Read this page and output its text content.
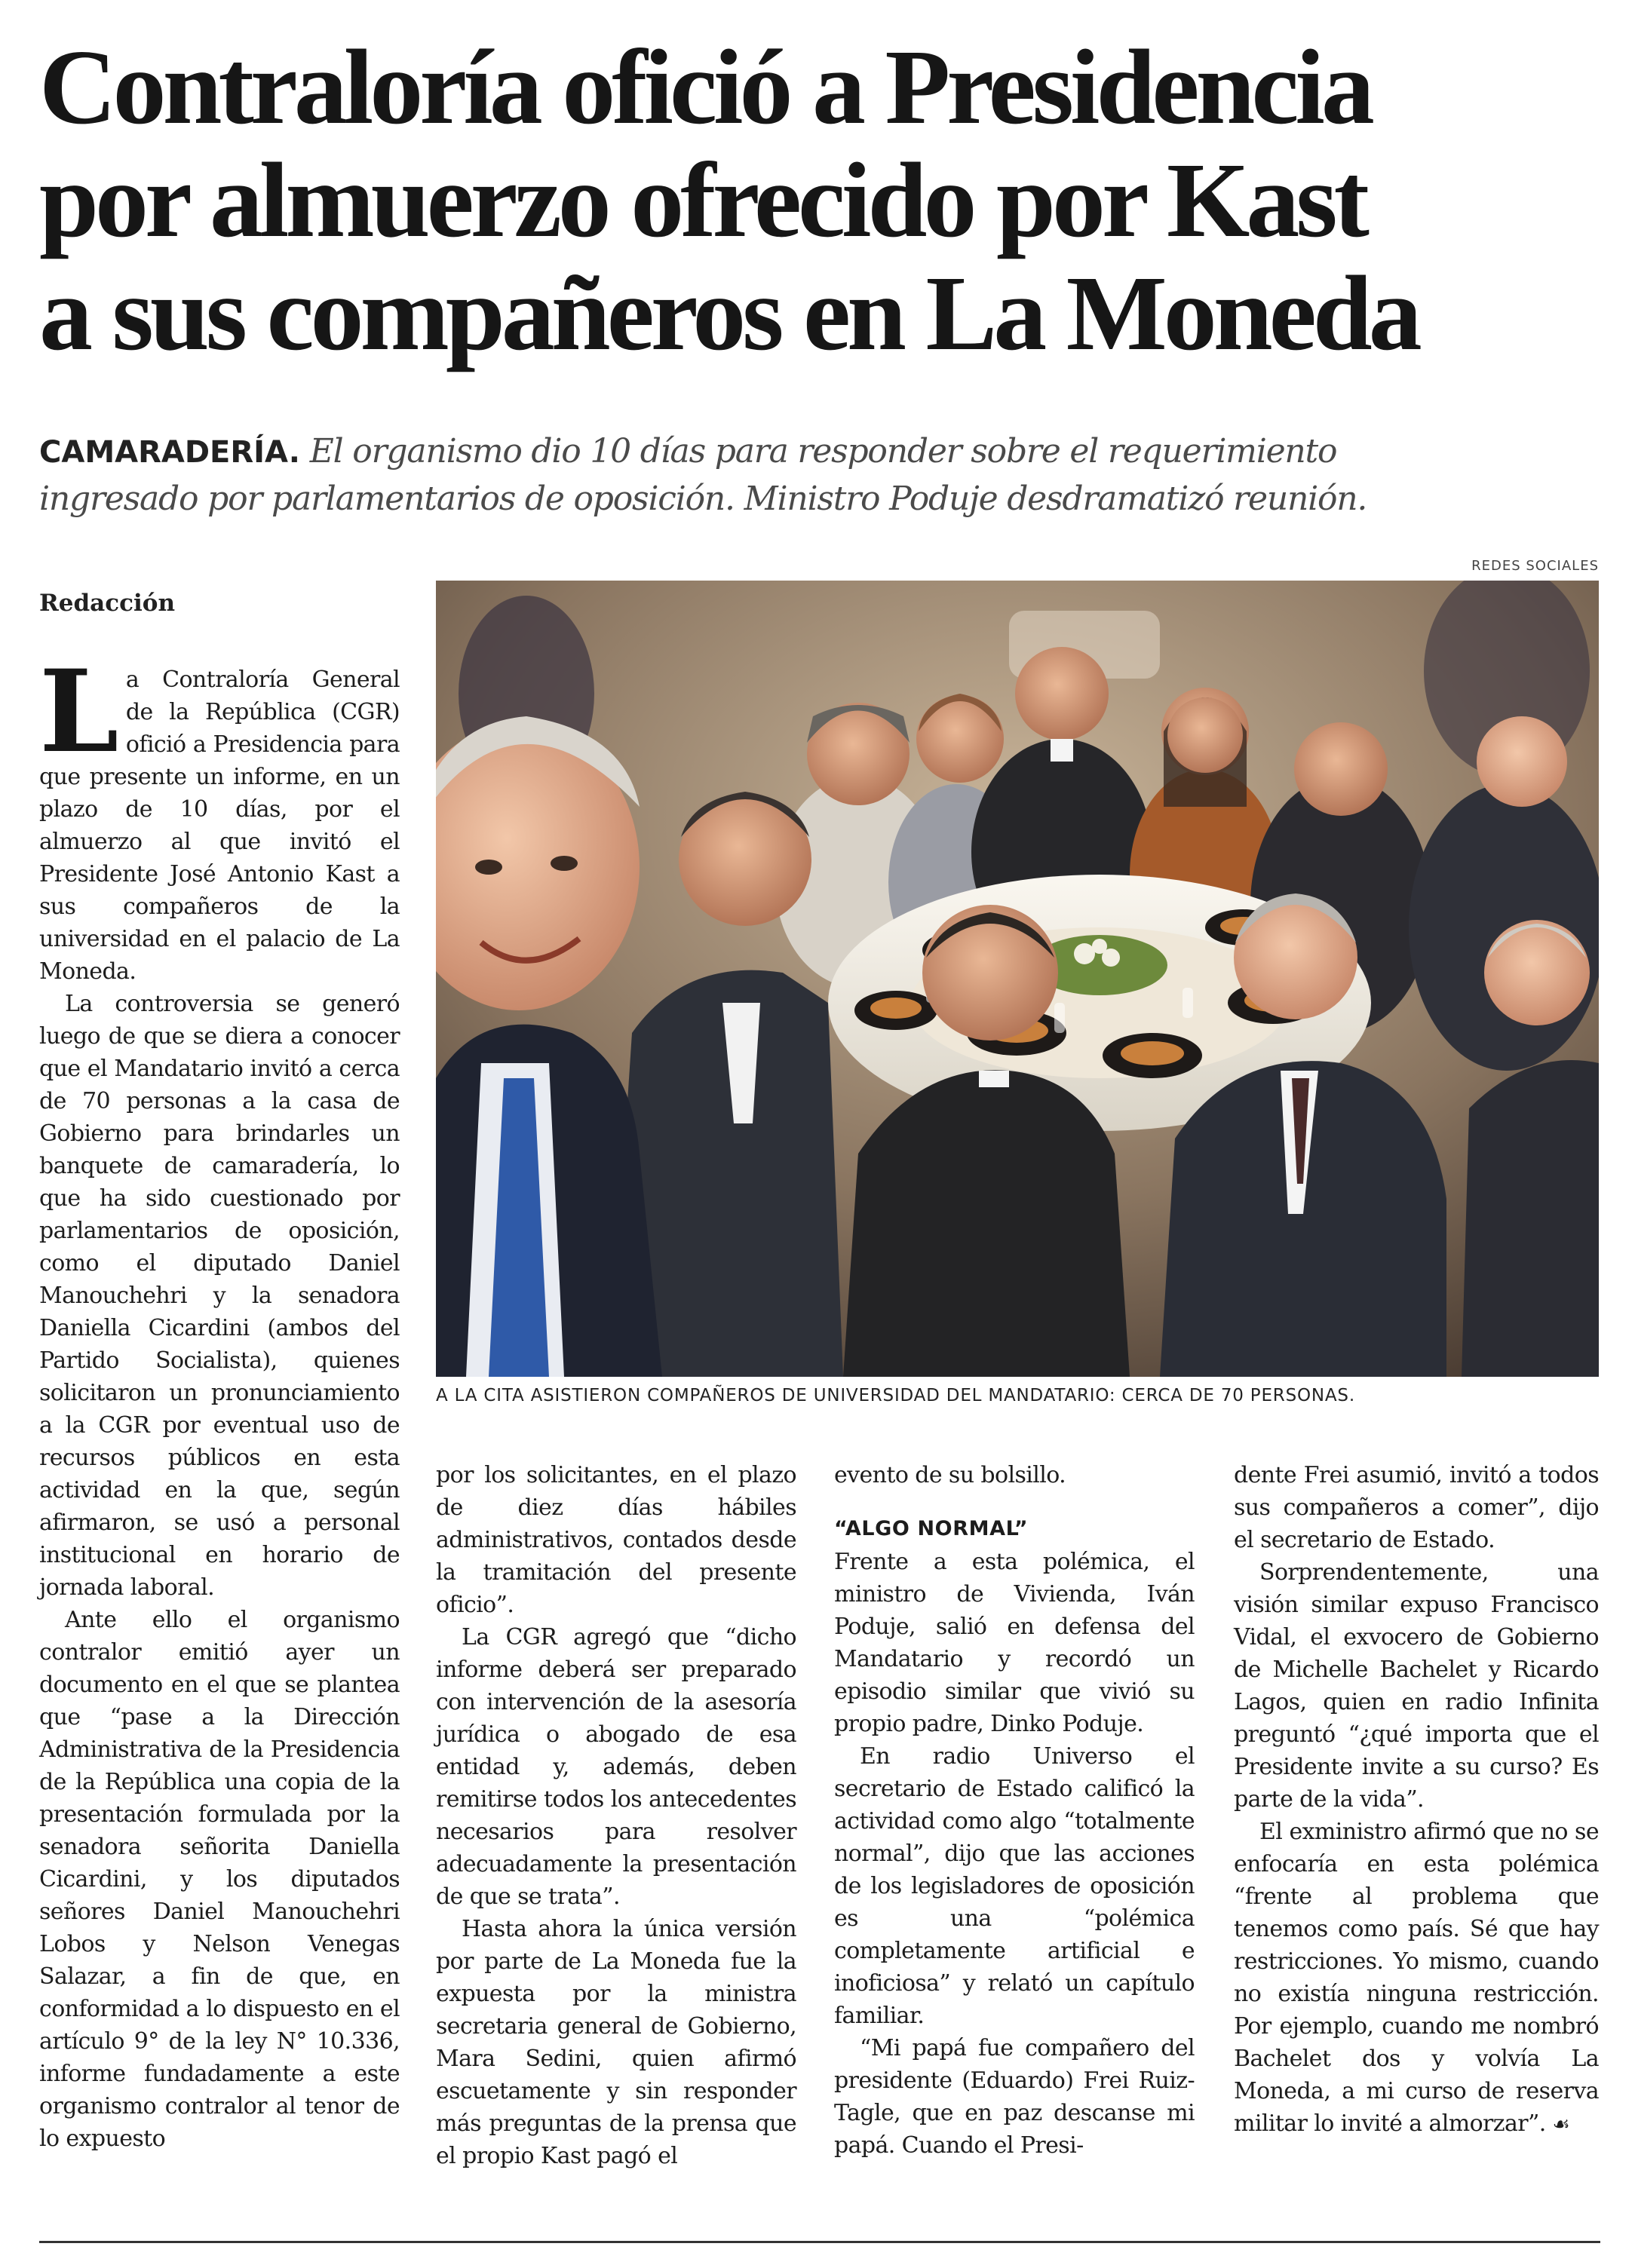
Contraloría ofició a Presidencia
por almuerzo ofrecido por Kast
a sus compañeros en La Moneda
CAMARADERÍA. El organismo dio 10 días para responder sobre el requerimiento
ingresado por parlamentarios de oposición. Ministro Poduje desdramatizó reunión.
REDES SOCIALES
Redacción
A LA CITA ASISTIERON COMPAÑEROS DE UNIVERSIDAD DEL MANDATARIO: CERCA DE 70 PERSONAS.

La Contraloría General de la República (CGR) ofició a Presidencia para que presente un informe, en un plazo de 10 días, por el almuerzo al que invitó el Presidente José Antonio Kast a sus compañeros de la universidad en el palacio de La Moneda.

La controversia se generó luego de que se diera a conocer que el Mandatario invitó a cerca de 70 personas a la casa de Gobierno para brindarles un banquete de camaradería, lo que ha sido cuestionado por parlamentarios de oposición, como el diputado Daniel Manouchehri y la senadora Daniella Cicardini (ambos del Partido Socialista), quienes solicitaron un pronunciamiento a la CGR por eventual uso de recursos públicos en esta actividad en la que, según afirmaron, se usó a personal institucional en horario de jornada laboral.

Ante ello el organismo contralor emitió ayer un documento en el que se plantea que “pase a la Dirección Administrativa de la Presidencia de la República una copia de la presentación formulada por la senadora señorita Daniella Cicardini, y los diputados señores Daniel Manouchehri Lobos y Nelson Venegas Salazar, a fin de que, en conformidad a lo dispuesto en el artículo 9° de la ley N° 10.336, informe fundadamente a este organismo contralor al tenor de lo expuesto

por los solicitantes, en el plazo de diez días hábiles administrativos, contados desde la tramitación del presente oficio”.

La CGR agregó que “dicho informe deberá ser preparado con intervención de la asesoría jurídica o abogado de esa entidad y, además, deben remitirse todos los antecedentes necesarios para resolver adecuadamente la presentación de que se trata”.

Hasta ahora la única versión por parte de La Moneda fue la expuesta por la ministra secretaria general de Gobierno, Mara Sedini, quien afirmó escuetamente y sin responder más preguntas de la prensa que el propio Kast pagó el

evento de su bolsillo.

“ALGO NORMAL”

Frente a esta polémica, el ministro de Vivienda, Iván Poduje, salió en defensa del Mandatario y recordó un episodio similar que vivió su propio padre, Dinko Poduje.

En radio Universo el secretario de Estado calificó la actividad como algo “totalmente normal”, dijo que las acciones de los legisladores de oposición es una “polémica completamente artificial e inoficiosa” y relató un capítulo familiar.

“Mi papá fue compañero del presidente (Eduardo) Frei Ruiz-Tagle, que en paz descanse mi papá. Cuando el Presi-

dente Frei asumió, invitó a todos sus compañeros a comer”, dijo el secretario de Estado.

Sorprendentemente, una visión similar expuso Francisco Vidal, el exvocero de Gobierno de Michelle Bachelet y Ricardo Lagos, quien en radio Infinita preguntó “¿qué importa que el Presidente invite a su curso? Es parte de la vida”.

El exministro afirmó que no se enfocaría en esta polémica “frente al problema que tenemos como país. Sé que hay restricciones. Yo mismo, cuando no existía ninguna restricción. Por ejemplo, cuando me nombró Bachelet dos y volvía La Moneda, a mi curso de reserva militar lo invité a almorzar”. ☙
